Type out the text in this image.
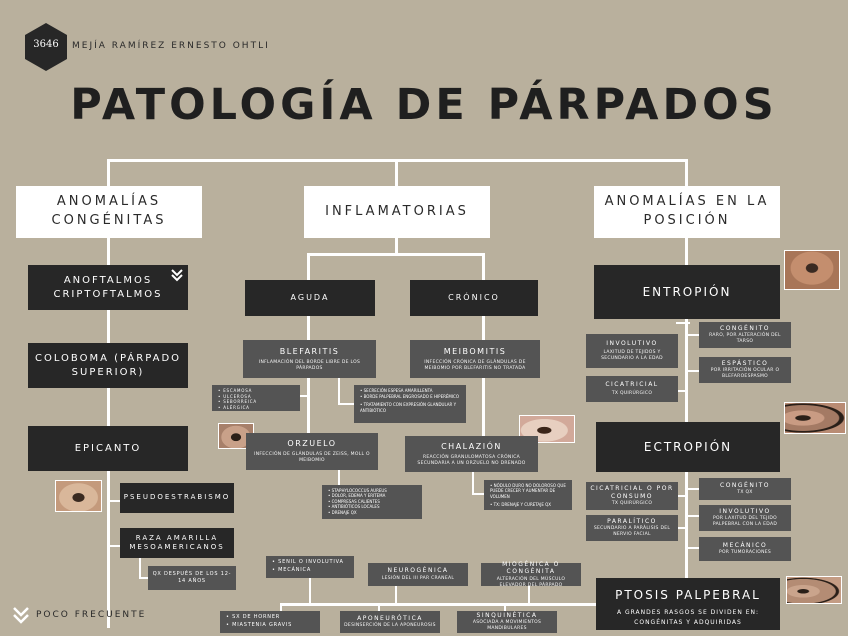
3646	MEJÍA RAMÍREZ ERNESTO OHTLI
PATOLOGÍA DE PÁRPADOS
ANOMALÍAS CONGÉNITAS
INFLAMATORIAS
ANOMALÍAS EN LA POSICIÓN
ANOFTALMOS CRIPTOFTALMOS
COLOBOMA (PÁRPADO SUPERIOR)
EPICANTO
PSEUDOESTRABISMO
RAZA AMARILLA MESOAMERICANOS
QX DESPUÉS DE LOS 12-14 AÑOS
AGUDA	CRÓNICO
BLEFARITIS
INFLAMACIÓN DEL BORDE LIBRE DE LOS PÁRPADOS
• ESCAMOSA
• ULCEROSA
• SEBORREICA
• ALÉRGICA
MEIBOMITIS
INFECCIÓN CRÓNICA DE GLÁNDULAS DE MEIBOMIO POR BLEFARITIS NO TRATADA
• SECRECIÓN ESPESA AMARILLENTA
• BORDE PALPEBRAL ENGROSADO E HIPERÉMICO
• TRATAMIENTO CON EXPRESIÓN GLANDULAR Y ANTIBIÓTICO
ORZUELO
INFECCIÓN DE GLÁNDULAS DE ZEISS, MOLL O MEIBOMIO
• STAPHYLOCOCCUS AUREUS
• DOLOR, EDEMA Y ERITEMA
• COMPRESAS CALIENTES
• ANTIBIÓTICOS LOCALES
• DRENAJE QX
CHALAZIÓN
REACCIÓN GRANULOMATOSA CRÓNICA SECUNDARIA A UN ORZUELO NO DRENADO
• NÓDULO DURO NO DOLOROSO QUE PUEDE CRECER Y AUMENTAR DE VOLUMEN
• TX: DRENAJE Y CURETAJE QX
ENTROPIÓN
INVOLUTIVO
LAXITUD DE TEJIDOS Y SECUNDARIO A LA EDAD
CONGÉNITO
RARO, POR ALTERACIÓN DEL TARSO
ESPÁSTICO
POR IRRITACIÓN OCULAR O BLEFAROESPASMO
CICATRICIAL
TX QUIRÚRGICO
ECTROPIÓN
CICATRICIAL O POR CONSUMO
TX QUIRÚRGICO
CONGÉNITO
TX QX
PARALÍTICO
SECUNDARIO A PARÁLISIS DEL NERVIO FACIAL
INVOLUTIVO
POR LAXITUD DEL TEJIDO PALPEBRAL CON LA EDAD
MECÁNICO
POR TUMORACIONES
PTOSIS PALPEBRAL
A GRANDES RASGOS SE DIVIDEN EN: CONGÉNITAS Y ADQUIRIDAS
• SENIL O INVOLUTIVA
• MECÁNICA	NEUROGÉNICA
LESIÓN DEL III PAR CRANEAL
MIOGÉNICA O CONGÉNITA
ALTERACIÓN DEL MÚSCULO ELEVADOR DEL PÁRPADO
• SX DE HORNER
• MIASTENIA GRAVIS
APONEURÓTICA
DESINSERCIÓN DE LA APONEUROSIS
SINQUINÉTICA
ASOCIADA A MOVIMIENTOS MANDIBULARES
POCO FRECUENTE
